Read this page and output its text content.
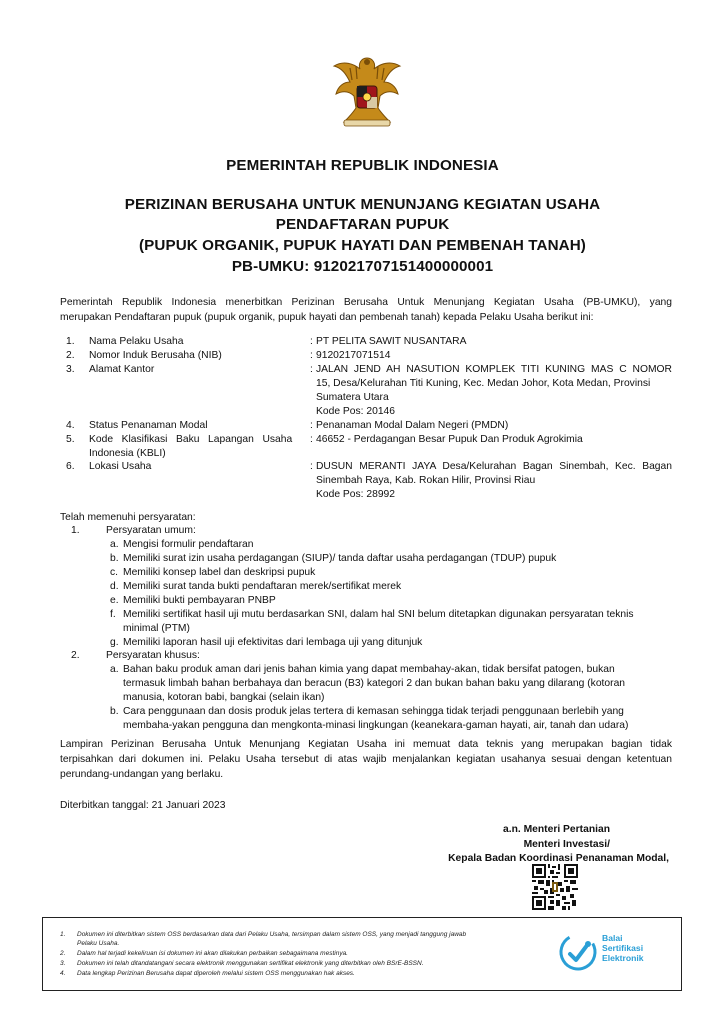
PEMERINTAH REPUBLIK INDONESIA
PERIZINAN BERUSAHA UNTUK MENUNJANG KEGIATAN USAHA
PENDAFTARAN PUPUK
(PUPUK ORGANIK, PUPUK HAYATI DAN PEMBENAH TANAH)
PB-UMKU: 912021707151400000001
Pemerintah Republik Indonesia menerbitkan Perizinan Berusaha Untuk Menunjang Kegiatan Usaha (PB-UMKU), yang
merupakan Pendaftaran pupuk (pupuk organik, pupuk hayati dan pembenah tanah) kepada Pelaku Usaha berikut ini:
1.	Nama Pelaku Usaha	: PT PELITA SAWIT NUSANTARA
2.	Nomor Induk Berusaha (NIB)	: 9120217071514
3.	Alamat Kantor	: JALAN JEND AH NASUTION KOMPLEK TITI KUNING MAS C NOMOR
15, Desa/Kelurahan Titi Kuning, Kec. Medan Johor, Kota Medan, Provinsi
Sumatera Utara
Kode Pos: 20146
4.	Status Penanaman Modal	: Penanaman Modal Dalam Negeri (PMDN)
5.	Kode   Klasifikasi   Baku   Lapangan   Usaha
Indonesia (KBLI)
: 46652 - Perdagangan Besar Pupuk Dan Produk Agrokimia
6.	Lokasi Usaha	: DUSUN MERANTI JAYA Desa/Kelurahan Bagan Sinembah, Kec. Bagan
Sinembah Raya, Kab. Rokan Hilir, Provinsi Riau
Kode Pos: 28992
Telah memenuhi persyaratan:
1.	Persyaratan umum:
a. Mengisi formulir pendaftaran
b. Memiliki surat izin usaha perdagangan (SIUP)/ tanda daftar usaha perdagangan (TDUP) pupuk
c. Memiliki konsep label dan deskripsi pupuk
d. Memiliki surat tanda bukti pendaftaran merek/sertifikat merek
e. Memiliki bukti pembayaran PNBP
f. Memiliki sertifikat hasil uji mutu berdasarkan SNI, dalam hal SNI belum ditetapkan digunakan persyaratan teknis
minimal (PTM)
g. Memiliki laporan hasil uji efektivitas dari lembaga uji yang ditunjuk
2.	Persyaratan khusus:
a. Bahan baku produk aman dari jenis bahan kimia yang dapat membahay-akan, tidak bersifat patogen, bukan
termasuk limbah bahan berbahaya dan beracun (B3) kategori 2 dan bukan bahan baku yang dilarang (kotoran
manusia, kotoran babi, bangkai (selain ikan)
b. Cara penggunaan dan dosis produk jelas tertera di kemasan sehingga tidak terjadi penggunaan berlebih yang
membaha-yakan pengguna dan mengkonta-minasi lingkungan (keanekara-gaman hayati, air, tanah dan udara)
Lampiran Perizinan Berusaha Untuk Menunjang Kegiatan Usaha ini memuat data teknis yang merupakan bagian tidak
terpisahkan dari dokumen ini. Pelaku Usaha tersebut di atas wajib menjalankan kegiatan usahanya sesuai dengan ketentuan
perundang-undangan yang berlaku.
Diterbitkan tanggal: 21 Januari 2023
a.n. Menteri Pertanian
Menteri Investasi/
Kepala Badan Koordinasi Penanaman Modal,
1.	Dokumen ini diterbitkan sistem OSS berdasarkan data dari Pelaku Usaha, tersimpan dalam sistem OSS, yang menjadi tanggung jawab
Pelaku Usaha.
2.	Dalam hal terjadi kekeliruan isi dokumen ini akan dilakukan perbaikan sebagaimana mestinya.
3.	Dokumen ini telah ditandatangani secara elektronik menggunakan sertifikat elektronik yang diterbitkan oleh BSrE-BSSN.
4.	Data lengkap Perizinan Berusaha dapat diperoleh melalui sistem OSS menggunakan hak akses.
Balai
Sertifikasi
Elektronik
